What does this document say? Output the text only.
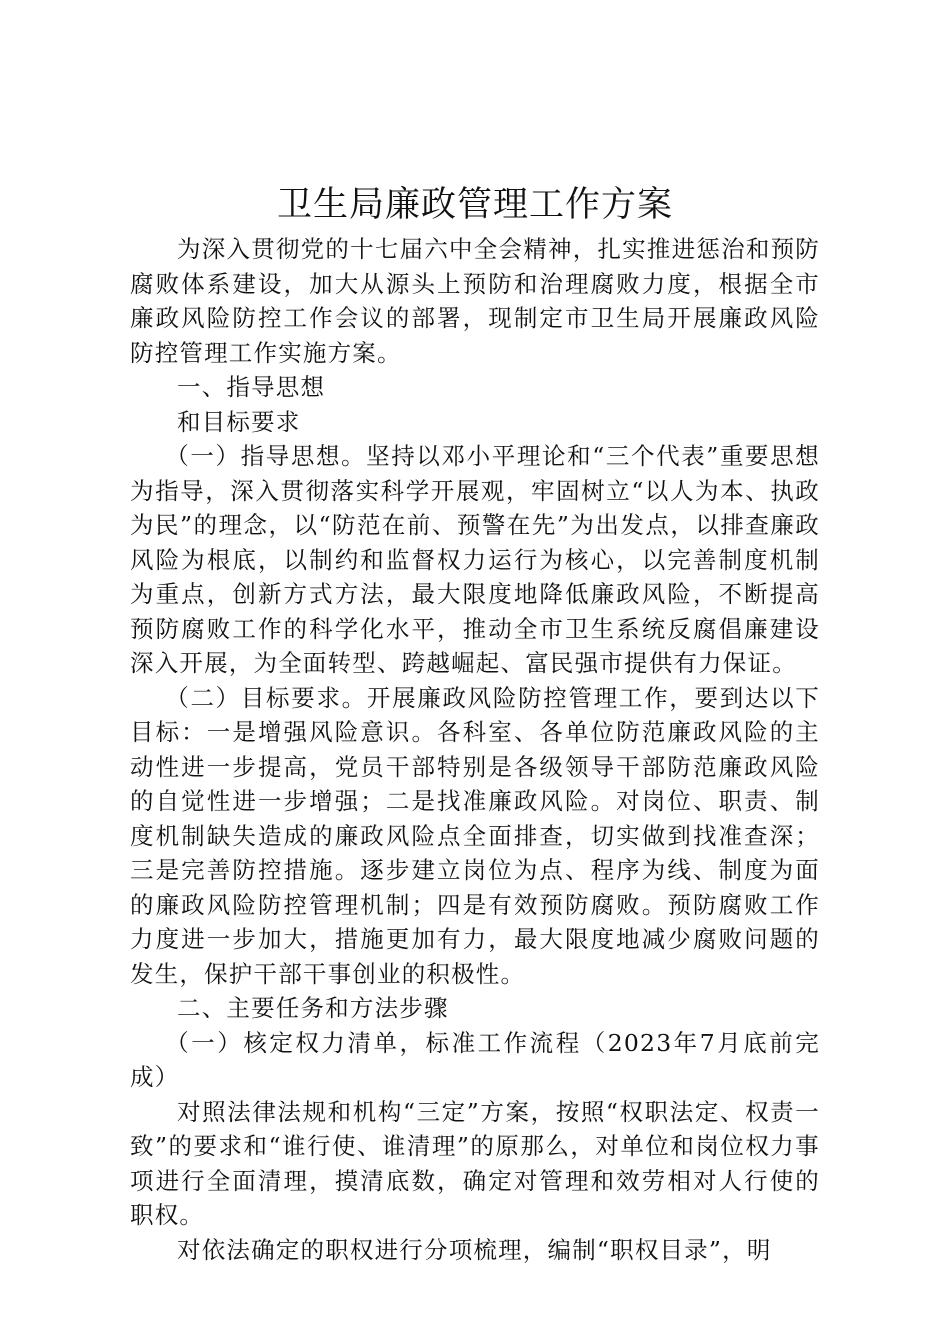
卫生局廉政管理工作方案

为深入贯彻党的十七届六中全会精神，扎实推进惩治和预防腐败体系建设，加大从源头上预防和治理腐败力度，根据全市廉政风险防控工作会议的部署，现制定市卫生局开展廉政风险防控管理工作实施方案。

一、指导思想

和目标要求

（一）指导思想。坚持以邓小平理论和“三个代表”重要思想为指导，深入贯彻落实科学开展观，牢固树立“以人为本、执政为民”的理念，以“防范在前、预警在先”为出发点，以排查廉政风险为根底，以制约和监督权力运行为核心，以完善制度机制为重点，创新方式方法，最大限度地降低廉政风险，不断提高预防腐败工作的科学化水平，推动全市卫生系统反腐倡廉建设深入开展，为全面转型、跨越崛起、富民强市提供有力保证。

（二）目标要求。开展廉政风险防控管理工作，要到达以下目标：一是增强风险意识。各科室、各单位防范廉政风险的主动性进一步提高，党员干部特别是各级领导干部防范廉政风险的自觉性进一步增强；二是找准廉政风险。对岗位、职责、制度机制缺失造成的廉政风险点全面排查，切实做到找准查深；三是完善防控措施。逐步建立岗位为点、程序为线、制度为面的廉政风险防控管理机制；四是有效预防腐败。预防腐败工作力度进一步加大，措施更加有力，最大限度地减少腐败问题的发生，保护干部干事创业的积极性。

二、主要任务和方法步骤

（一）核定权力清单，标准工作流程（2023年7月底前完成）

对照法律法规和机构“三定”方案，按照“权职法定、权责一致”的要求和“谁行使、谁清理”的原那么，对单位和岗位权力事项进行全面清理，摸清底数，确定对管理和效劳相对人行使的职权。

对依法确定的职权进行分项梳理，编制“职权目录”，明
